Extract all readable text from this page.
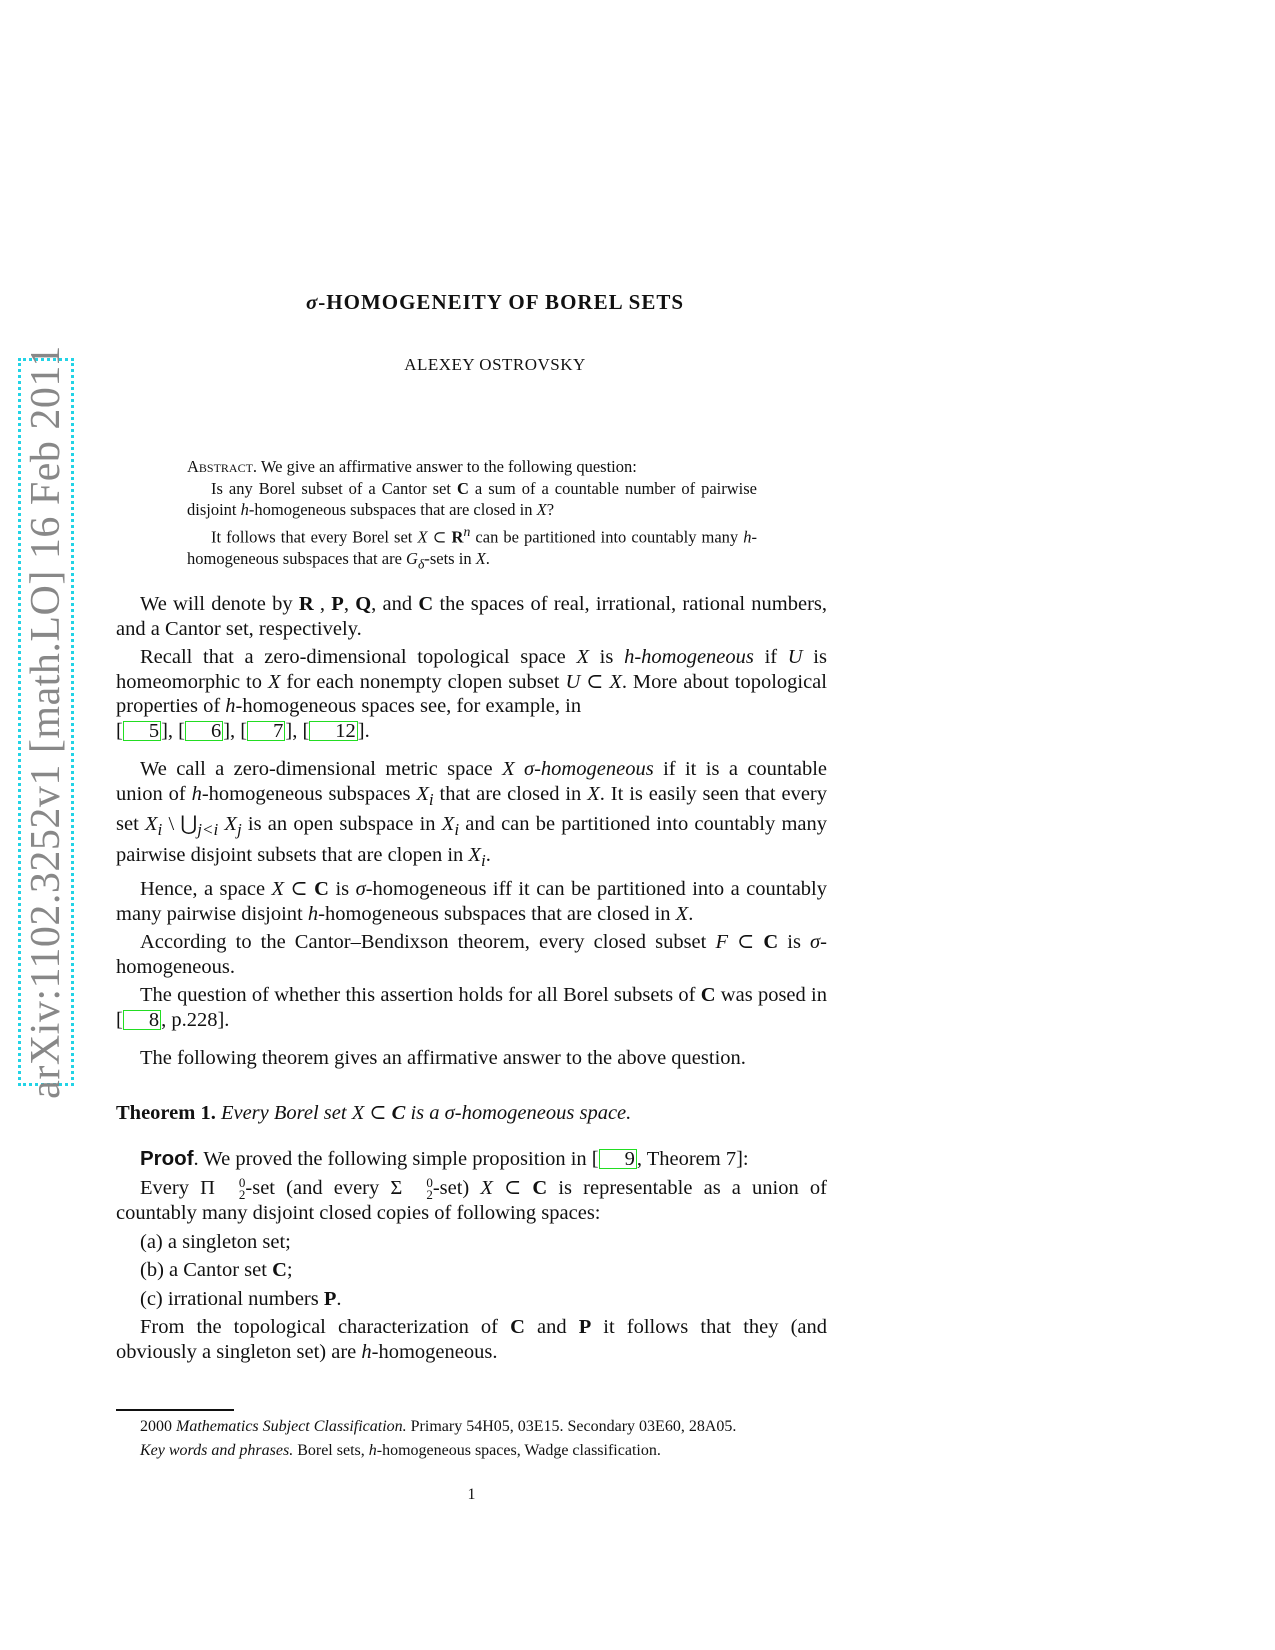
arXiv:1102.3252v1 [math.LO] 16 Feb 2011
σ-HOMOGENEITY OF BOREL SETS
ALEXEY OSTROVSKY

Abstract. We give an affirmative answer to the following question:

Is any Borel subset of a Cantor set C a sum of a countable number of pairwise disjoint h-homogeneous subspaces that are closed in X?

It follows that every Borel set X ⊂ $R^n$ can be partitioned into countably many h-homogeneous subspaces that are $G_\delta$-sets in X.

We will denote by R , P, Q, and C the spaces of real, irrational, rational numbers, and a Cantor set, respectively.

Recall that a zero-dimensional topological space X is h-homogeneous if U is homeomorphic to X for each nonempty clopen subset U ⊂ X. More about topological properties of h-homogeneous spaces see, for example, in
[ 5], [ 6], [ 7], [ 12].

We call a zero-dimensional metric space X σ-homogeneous if it is a countable union of h-homogeneous subspaces $X_i$ that are closed in X. It is easily seen that every set $X_i$ \ $⋃_{j<i}$ $X_j$ is an open subspace in $X_i$ and can be partitioned into countably many pairwise disjoint subsets that are clopen in $X_i$.

Hence, a space X ⊂ C is σ-homogeneous iff it can be partitioned into a countably many pairwise disjoint h-homogeneous subspaces that are closed in X.

According to the Cantor–Bendixson theorem, every closed subset F ⊂ C is σ-homogeneous.

The question of whether this assertion holds for all Borel subsets of C was posed in [ 8, p.228].

The following theorem gives an affirmative answer to the above question.

Theorem 1. Every Borel set X ⊂ C is a σ-homogeneous space.

Proof. We proved the following simple proposition in [ 9, Theorem 7]:

Every Π	0
2 -set (and every Σ	0
2 -set) X ⊂ C is representable as a union of countably many disjoint closed copies of following spaces:

(a) a singleton set;

(b) a Cantor set C;

(c) irrational numbers P.

From the topological characterization of C and P it follows that they (and obviously a singleton set) are h-homogeneous.

2000 Mathematics Subject Classification. Primary 54H05, 03E15. Secondary 03E60, 28A05.

Key words and phrases. Borel sets, h-homogeneous spaces, Wadge classification.

1
